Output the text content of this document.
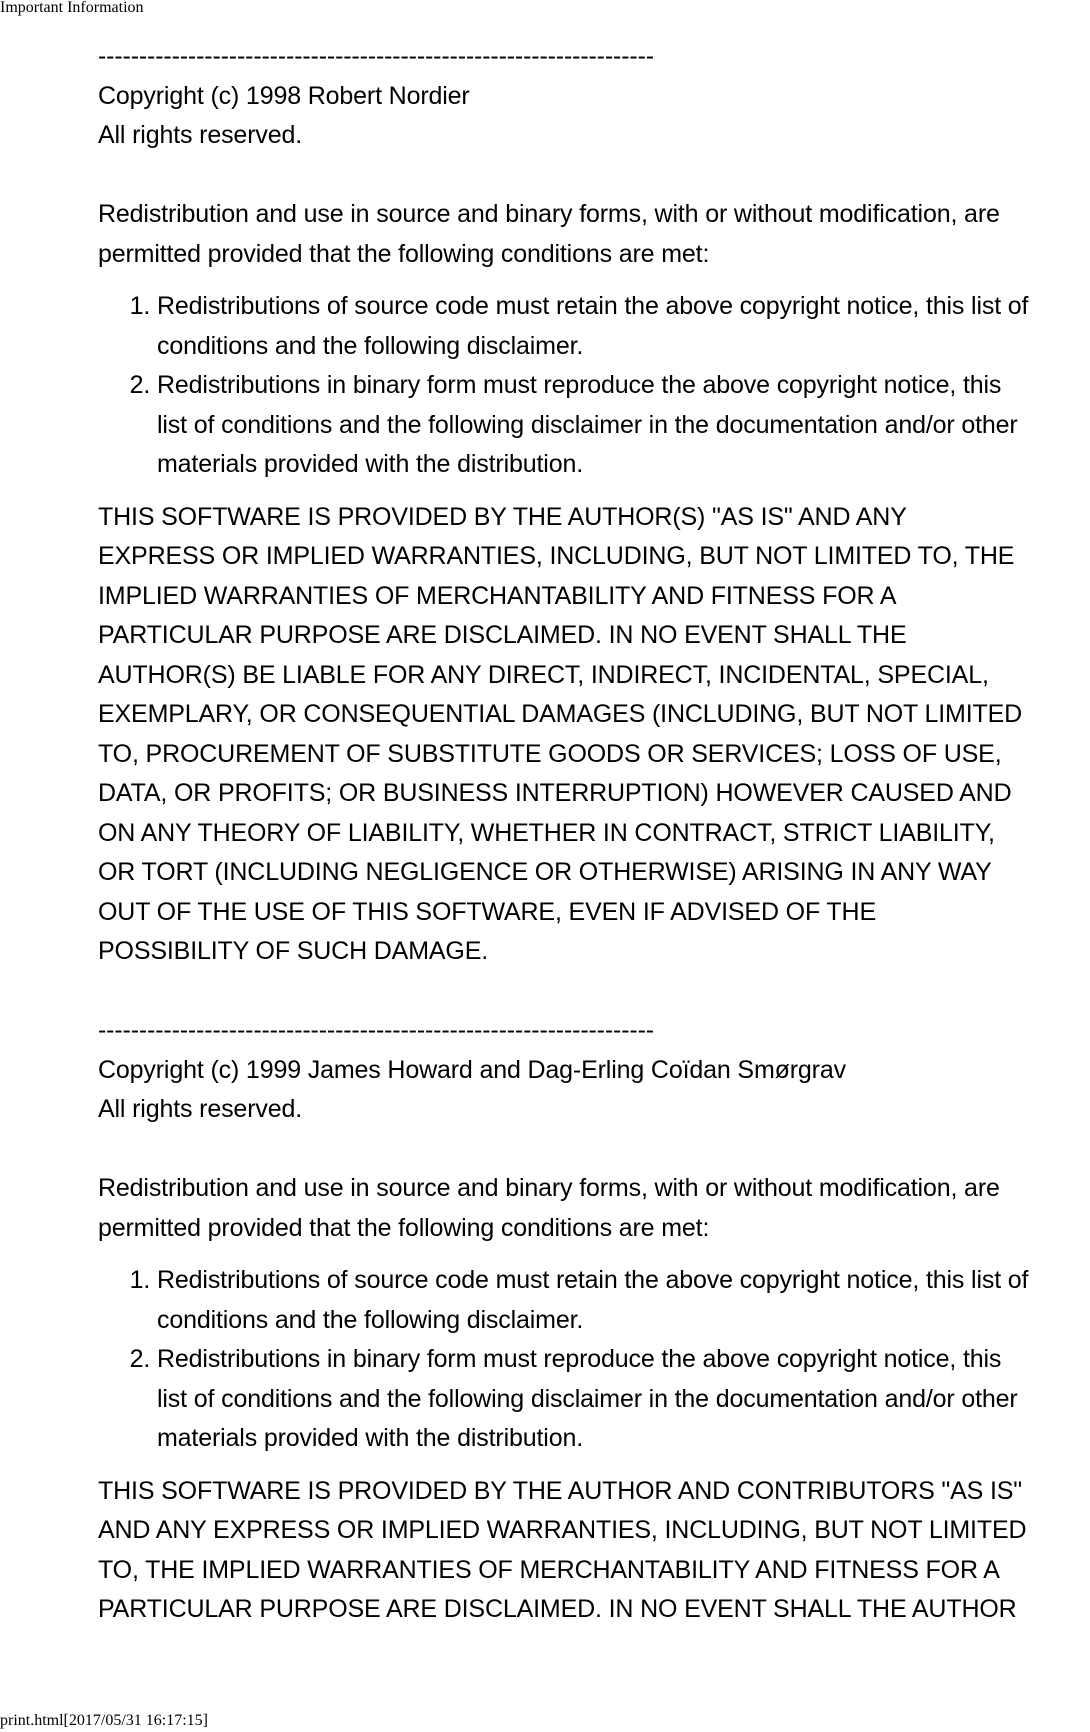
Important Information
--------------------------------------------------------------------
Copyright (c) 1998 Robert Nordier
All rights reserved.

Redistribution and use in source and binary forms, with or without modification, are
permitted provided that the following conditions are met:

1. Redistributions of source code must retain the above copyright notice, this list of
conditions and the following disclaimer.
2. Redistributions in binary form must reproduce the above copyright notice, this
list of conditions and the following disclaimer in the documentation and/or other
materials provided with the distribution.

THIS SOFTWARE IS PROVIDED BY THE AUTHOR(S) "AS IS" AND ANY
EXPRESS OR IMPLIED WARRANTIES, INCLUDING, BUT NOT LIMITED TO, THE
IMPLIED WARRANTIES OF MERCHANTABILITY AND FITNESS FOR A
PARTICULAR PURPOSE ARE DISCLAIMED. IN NO EVENT SHALL THE
AUTHOR(S) BE LIABLE FOR ANY DIRECT, INDIRECT, INCIDENTAL, SPECIAL,
EXEMPLARY, OR CONSEQUENTIAL DAMAGES (INCLUDING, BUT NOT LIMITED
TO, PROCUREMENT OF SUBSTITUTE GOODS OR SERVICES; LOSS OF USE,
DATA, OR PROFITS; OR BUSINESS INTERRUPTION) HOWEVER CAUSED AND
ON ANY THEORY OF LIABILITY, WHETHER IN CONTRACT, STRICT LIABILITY,
OR TORT (INCLUDING NEGLIGENCE OR OTHERWISE) ARISING IN ANY WAY
OUT OF THE USE OF THIS SOFTWARE, EVEN IF ADVISED OF THE
POSSIBILITY OF SUCH DAMAGE.

--------------------------------------------------------------------
Copyright (c) 1999 James Howard and Dag-Erling Coïdan Smørgrav
All rights reserved.

Redistribution and use in source and binary forms, with or without modification, are
permitted provided that the following conditions are met:

1. Redistributions of source code must retain the above copyright notice, this list of
conditions and the following disclaimer.
2. Redistributions in binary form must reproduce the above copyright notice, this
list of conditions and the following disclaimer in the documentation and/or other
materials provided with the distribution.

THIS SOFTWARE IS PROVIDED BY THE AUTHOR AND CONTRIBUTORS "AS IS"
AND ANY EXPRESS OR IMPLIED WARRANTIES, INCLUDING, BUT NOT LIMITED
TO, THE IMPLIED WARRANTIES OF MERCHANTABILITY AND FITNESS FOR A
PARTICULAR PURPOSE ARE DISCLAIMED. IN NO EVENT SHALL THE AUTHOR

print.html[2017/05/31 16:17:15]
